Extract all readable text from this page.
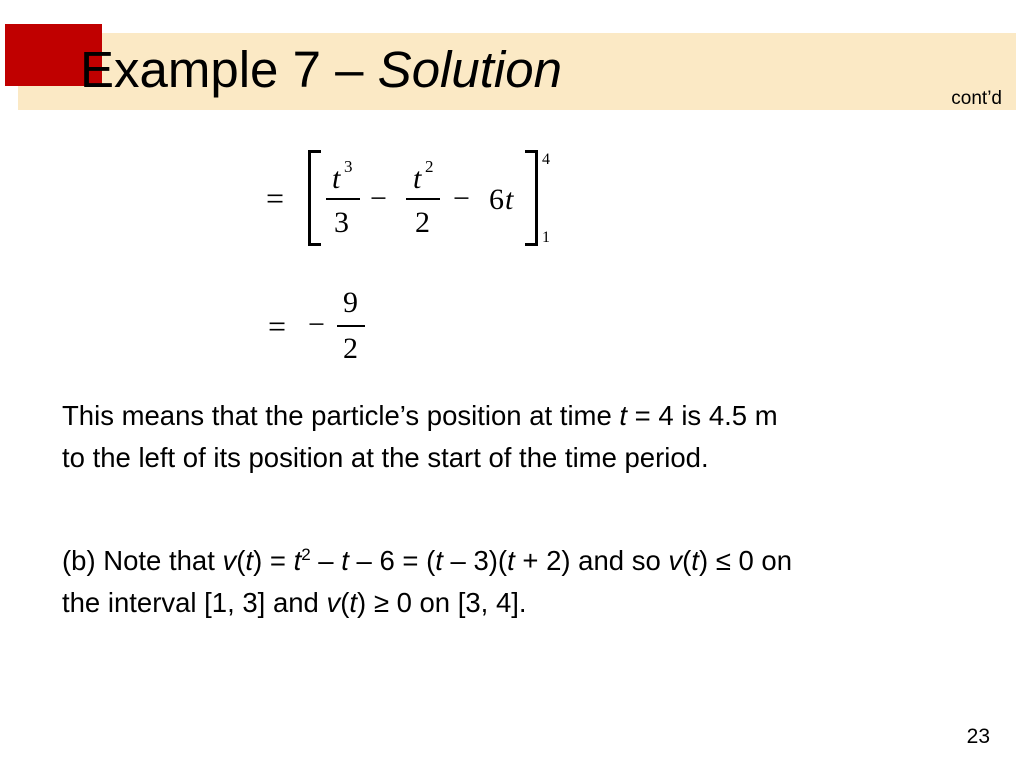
Example 7 – Solution
cont’d
=
t 3
3
−
t 2
2
− 6 t
4
1
= −
9
2

This means that the particle’s position at time t = 4 is 4.5 m
to the left of its position at the start of the time period.

(b) Note that $v(t) = t^2 - t - 6 = (t - 3)(t + 2)$ and so v(t) ≤ 0 on
the interval [1, 3] and v(t) ≥ 0 on [3, 4].

23
